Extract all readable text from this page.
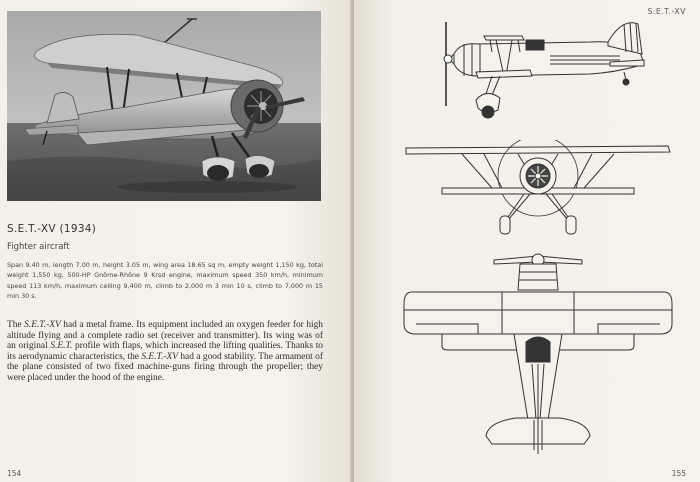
S.E.T.-XV (1934)
Fighter aircraft

Span 9.40 m, length 7.00 m, height 3.05 m, wing area 18.65 sq m, empty weight 1,150 kg, total weight 1,550 kg, 500-HP Gnôme-Rhône 9 Krsd engine, maximum speed 350 km/h, minimum speed 113 km/h, maximum ceiling 9,400 m, climb to 2,000 m 3 min 10 s, climb to 7,000 m 15 min 30 s.

The S.E.T.-XV had a metal frame. Its equipment included an oxygen feeder for high altitude flying and a complete radio set (receiver and transmitter). Its wing was of an original S.E.T. profile with flaps, which increased the lifting qualities. Thanks to its aerodynamic characteristics, the S.E.T.-XV had a good stability. The armament of the plane consisted of two fixed machine-guns firing through the propeller; they were placed under the hood of the engine.

154
S.E.T.-XV
155
